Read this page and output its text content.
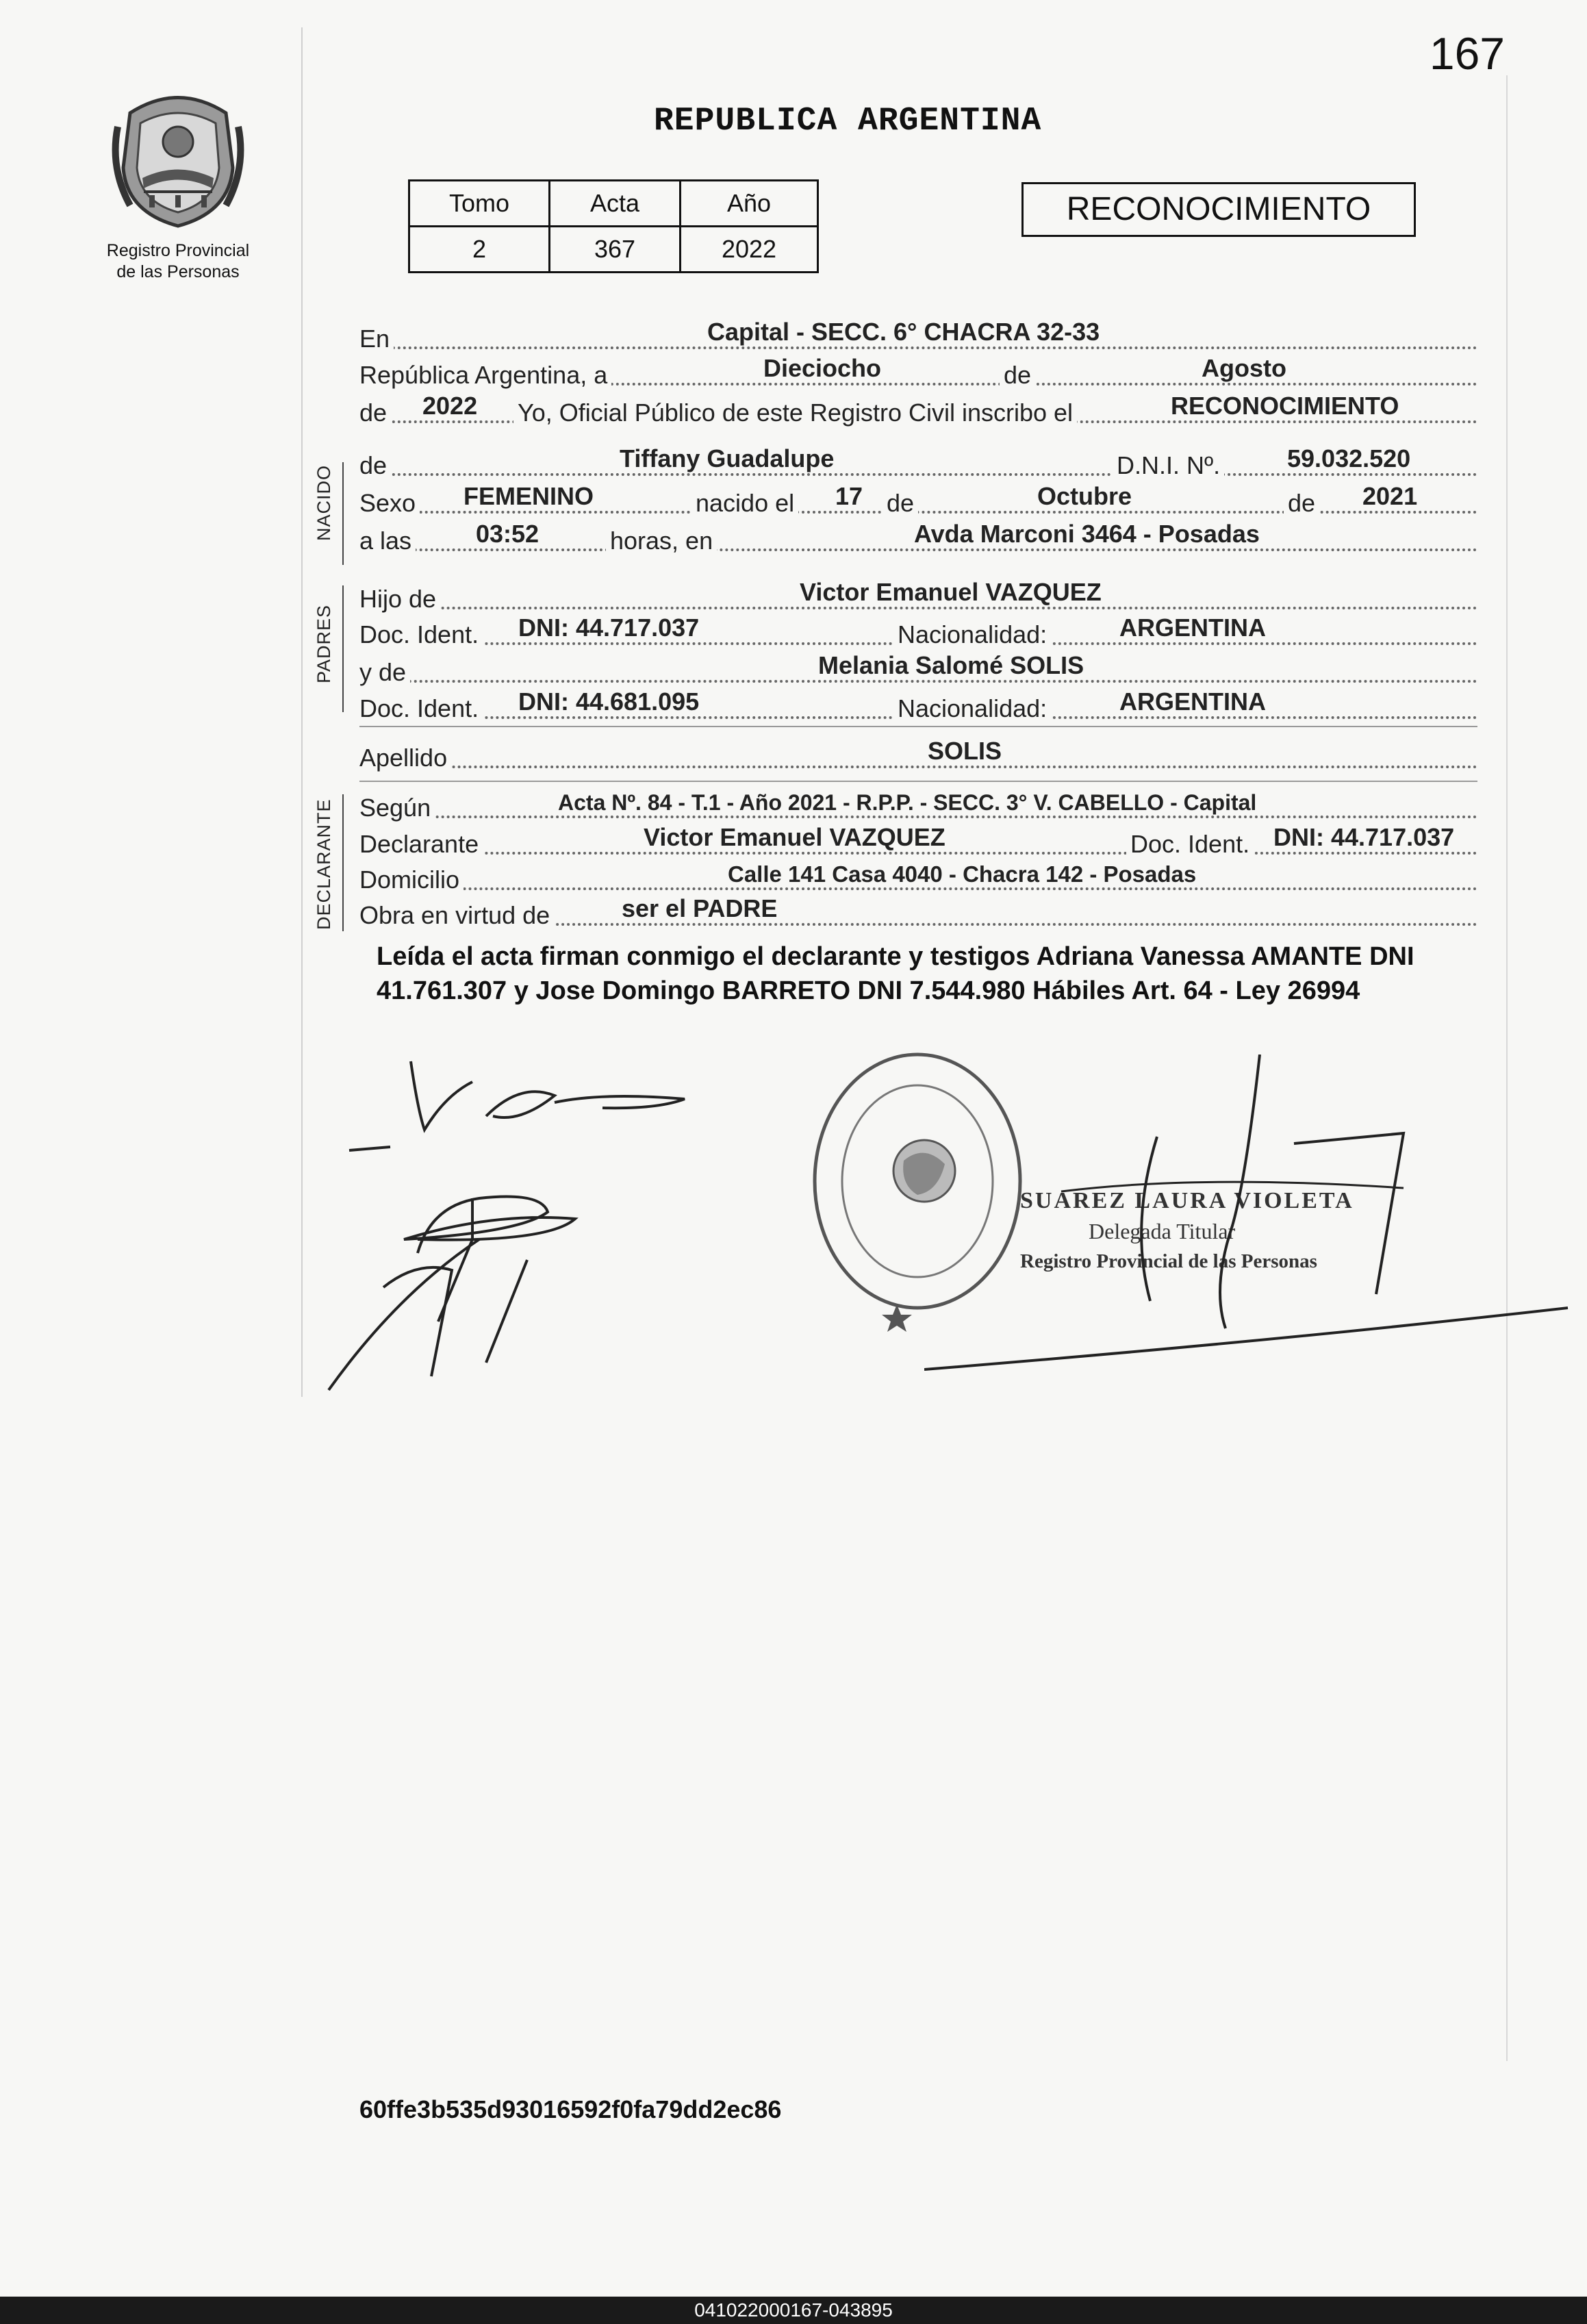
167
Registro Provincial
de las Personas
REPUBLICA ARGENTINA
Tomo	Acta	Año
2	367	2022
RECONOCIMIENTO
NACIDO
PADRES
DECLARANTE
En	Capital - SECC. 6° CHACRA 32-33
República Argentina, a	Dieciocho	de	Agosto
de 2022 Yo, Oficial Público de este Registro Civil inscribo el	RECONOCIMIENTO
de	Tiffany Guadalupe	D.N.I. Nº.	59.032.520
Sexo FEMENINO	nacido el 17 de	Octubre	de 2021
a las	03:52	horas, en	Avda Marconi 3464 - Posadas
Hijo de	Victor Emanuel VAZQUEZ
Doc. Ident. DNI: 44.717.037	Nacionalidad:	ARGENTINA
y de	Melania Salomé SOLIS
Doc. Ident. DNI: 44.681.095	Nacionalidad:	ARGENTINA
Apellido	SOLIS
Según	Acta Nº. 84 - T.1 - Año 2021 - R.P.P. - SECC. 3° V. CABELLO - Capital
Declarante	Victor Emanuel VAZQUEZ	Doc. Ident. DNI: 44.717.037
Domicilio	Calle 141 Casa 4040 - Chacra 142 - Posadas
Obra en virtud de	ser el PADRE
Leída el acta firman conmigo el declarante y testigos Adriana Vanessa AMANTE DNI 41.761.307 y Jose Domingo BARRETO DNI 7.544.980 Hábiles Art. 64 - Ley 26994
SUAREZ LAURA VIOLETA
Delegada Titular
Registro Provincial de las Personas
60ffe3b535d93016592f0fa79dd2ec86
041022000167-043895
